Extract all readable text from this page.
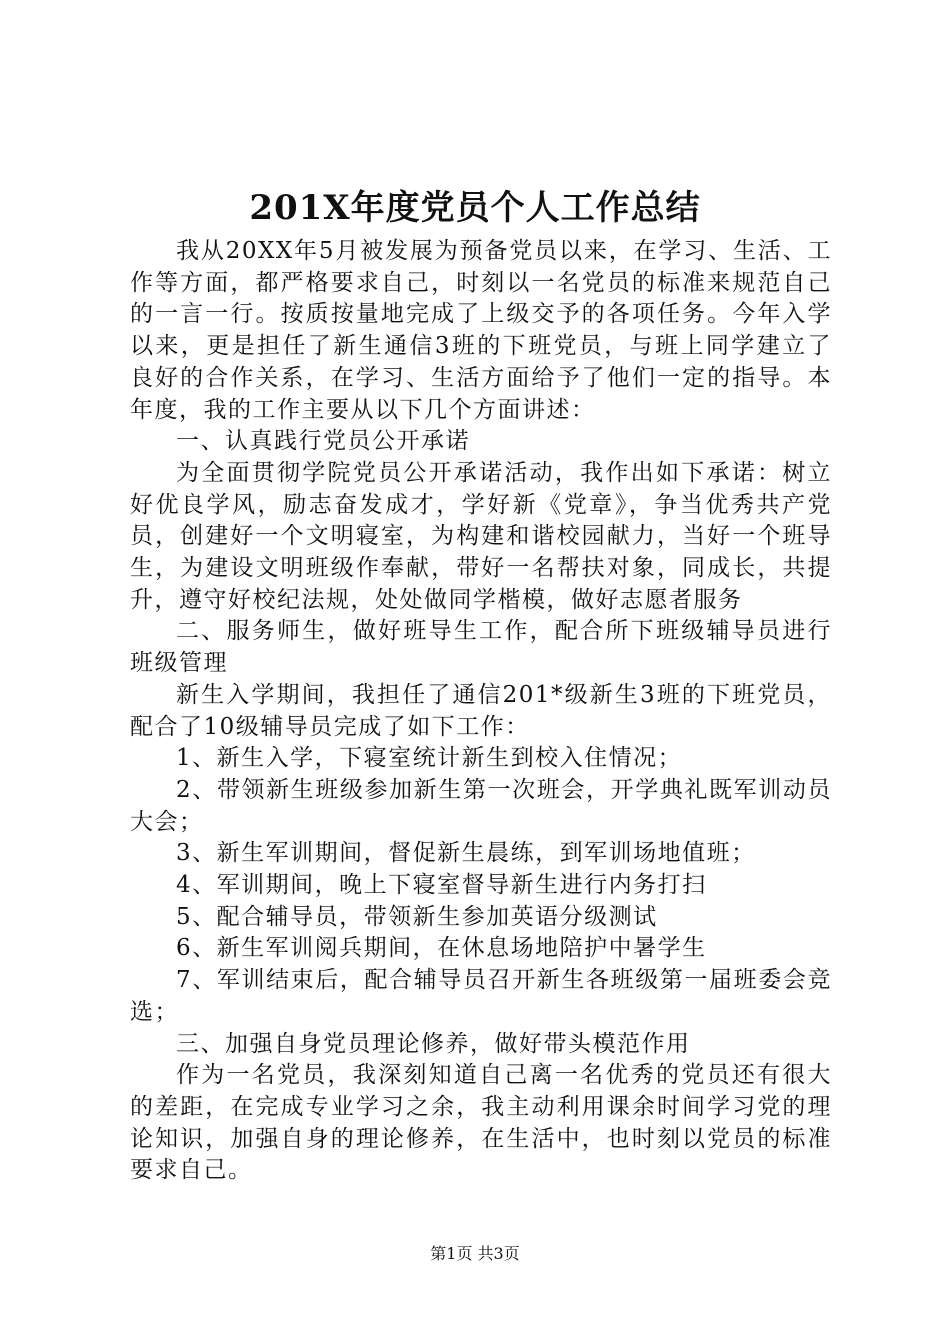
201X年度党员个人工作总结

我从20XX年5月被发展为预备党员以来，在学习、生活、工作等方面，都严格要求自己，时刻以一名党员的标准来规范自己的一言一行。按质按量地完成了上级交予的各项任务。今年入学以来，更是担任了新生通信3班的下班党员，与班上同学建立了良好的合作关系，在学习、生活方面给予了他们一定的指导。本年度，我的工作主要从以下几个方面讲述：

一、认真践行党员公开承诺

为全面贯彻学院党员公开承诺活动，我作出如下承诺：树立好优良学风，励志奋发成才，学好新《党章》，争当优秀共产党员，创建好一个文明寝室，为构建和谐校园献力，当好一个班导生，为建设文明班级作奉献，带好一名帮扶对象，同成长，共提升，遵守好校纪法规，处处做同学楷模，做好志愿者服务

二、服务师生，做好班导生工作，配合所下班级辅导员进行班级管理

新生入学期间，我担任了通信201*级新生3班的下班党员，配合了10级辅导员完成了如下工作：

1、新生入学，下寝室统计新生到校入住情况；

2、带领新生班级参加新生第一次班会，开学典礼既军训动员大会；

3、新生军训期间，督促新生晨练，到军训场地值班；

4、军训期间，晚上下寝室督导新生进行内务打扫

5、配合辅导员，带领新生参加英语分级测试

6、新生军训阅兵期间，在休息场地陪护中暑学生

7、军训结束后，配合辅导员召开新生各班级第一届班委会竞选；

三、加强自身党员理论修养，做好带头模范作用

作为一名党员，我深刻知道自己离一名优秀的党员还有很大的差距，在完成专业学习之余，我主动利用课余时间学习党的理论知识，加强自身的理论修养，在生活中，也时刻以党员的标准要求自己。

第1页 共3页
